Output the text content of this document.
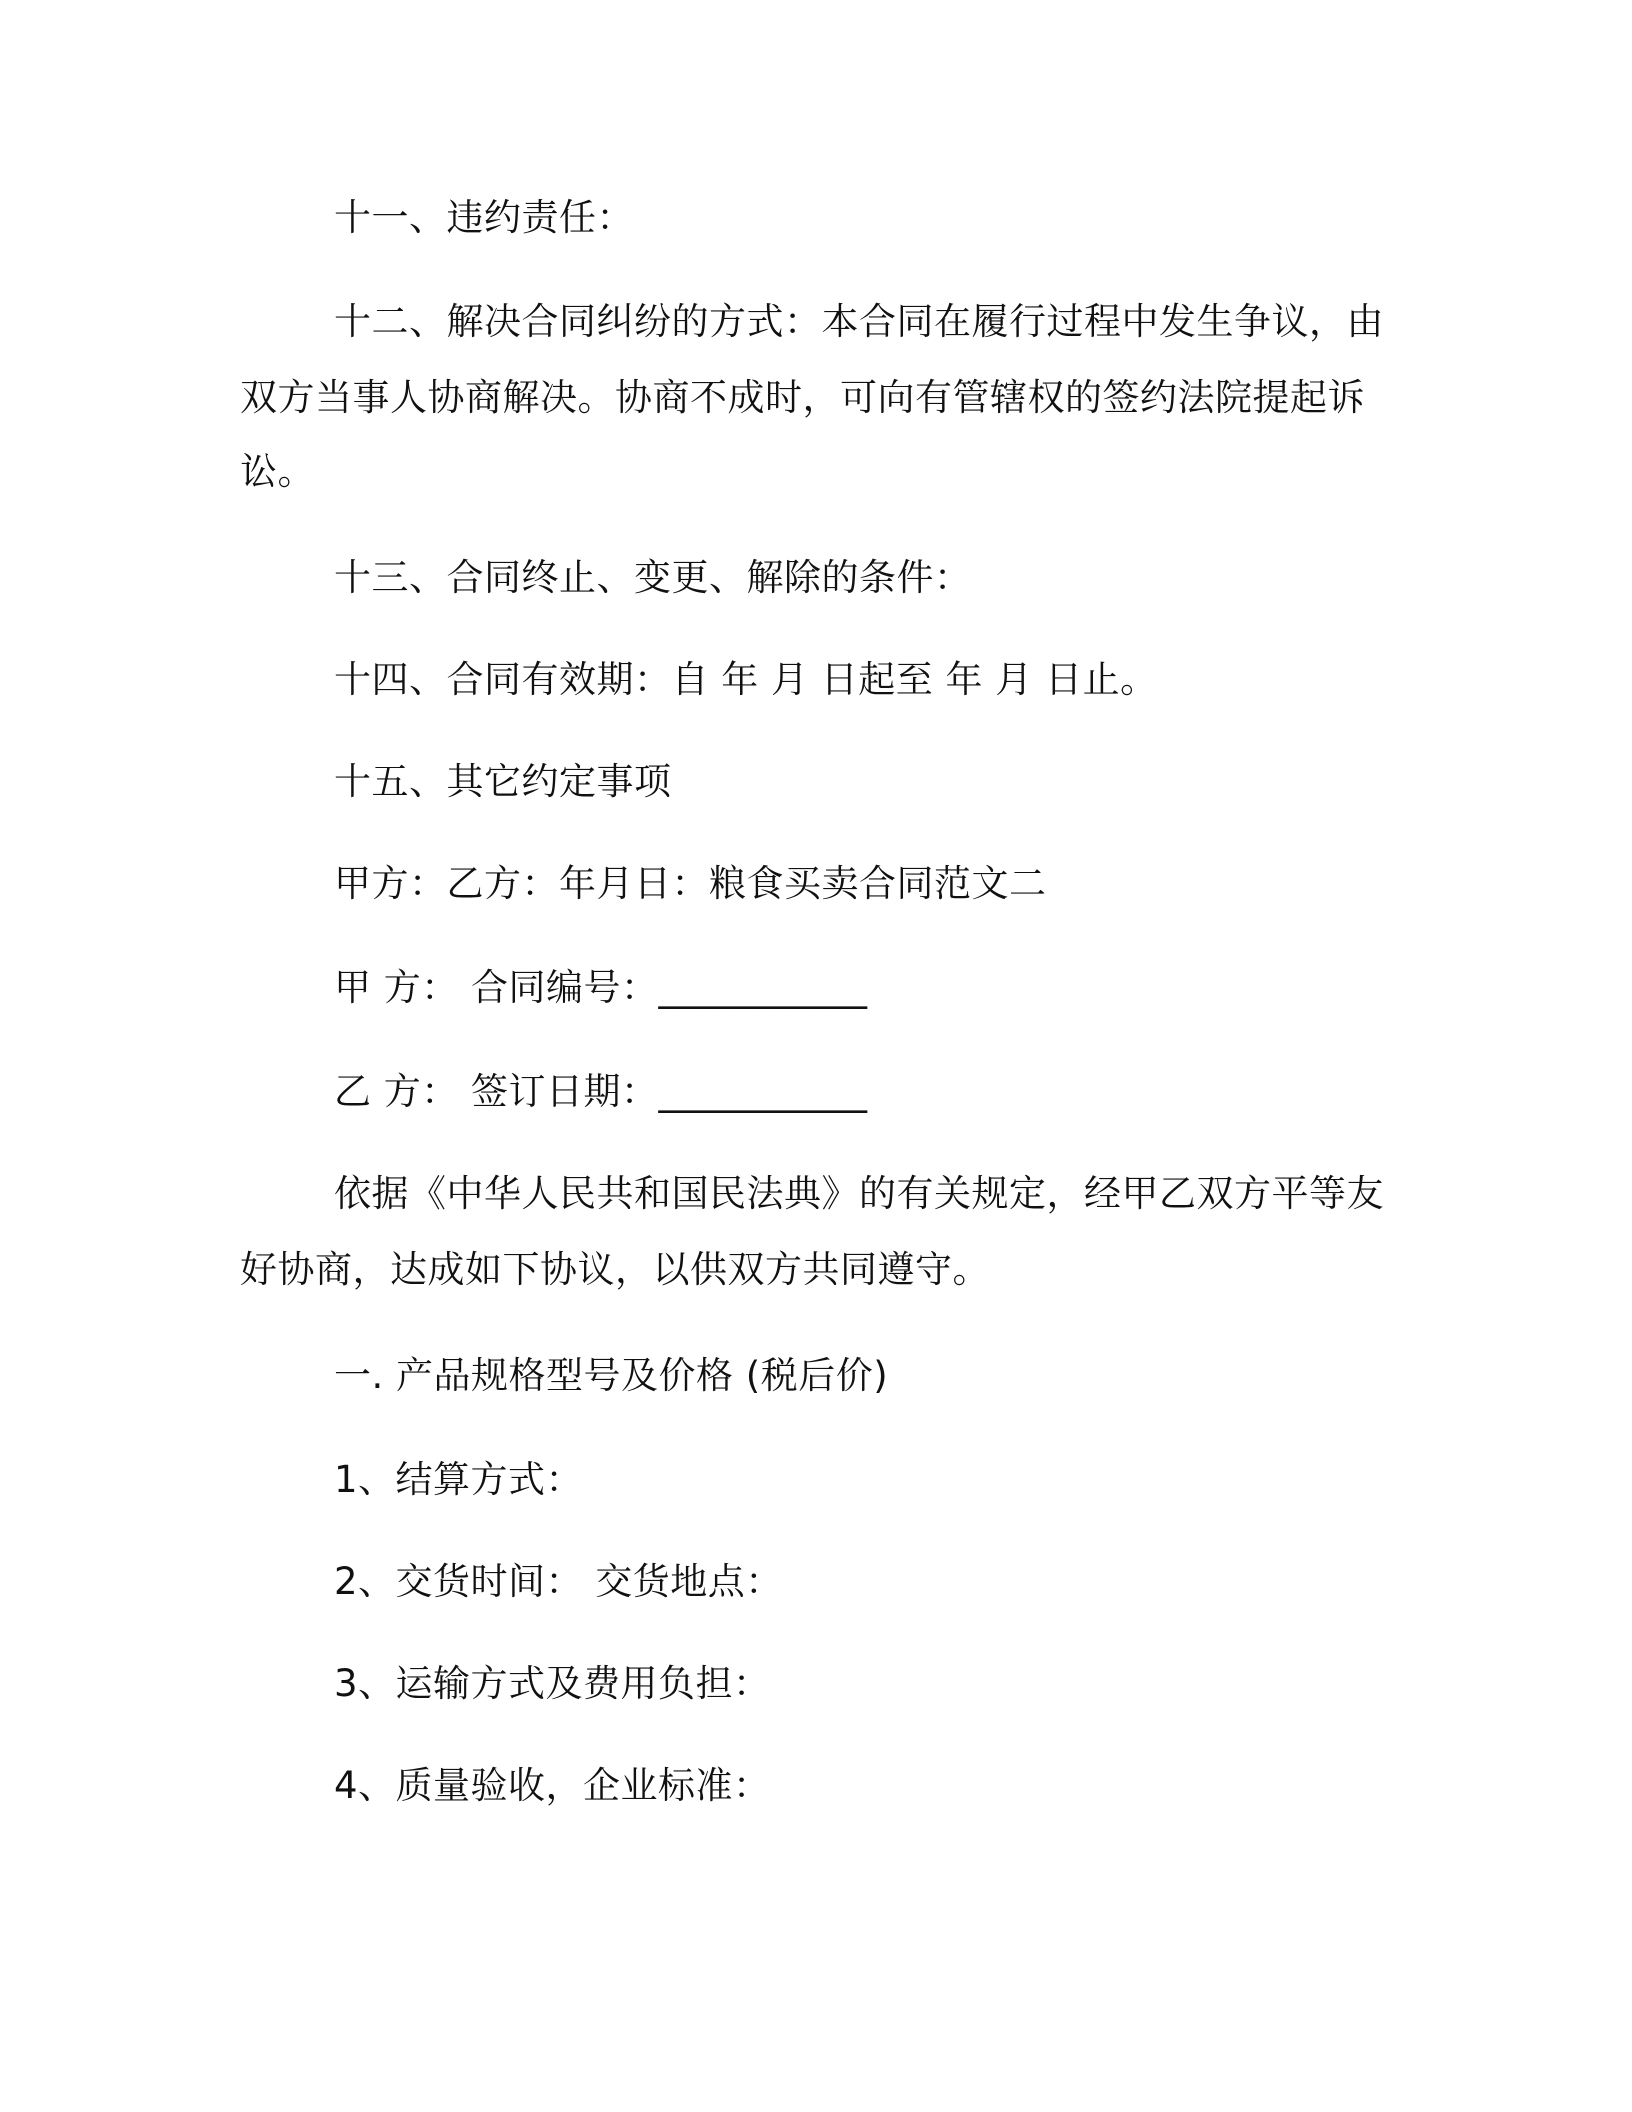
十一、违约责任：
十二、解决合同纠纷的方式：本合同在履行过程中发生争议，由
双方当事人协商解决。协商不成时，可向有管辖权的签约法院提起诉
讼。
十三、合同终止、变更、解除的条件：
十四、合同有效期：自 年 月 日起至 年 月 日止。
十五、其它约定事项
甲方：乙方：年月日：粮食买卖合同范文二
甲 方： 合同编号：___________
乙 方： 签订日期：___________
依据《中华人民共和国民法典》的有关规定，经甲乙双方平等友
好协商，达成如下协议，以供双方共同遵守。
一. 产品规格型号及价格 (税后价)
1、结算方式：
2、交货时间： 交货地点：
3、运输方式及费用负担：
4、质量验收，企业标准：
